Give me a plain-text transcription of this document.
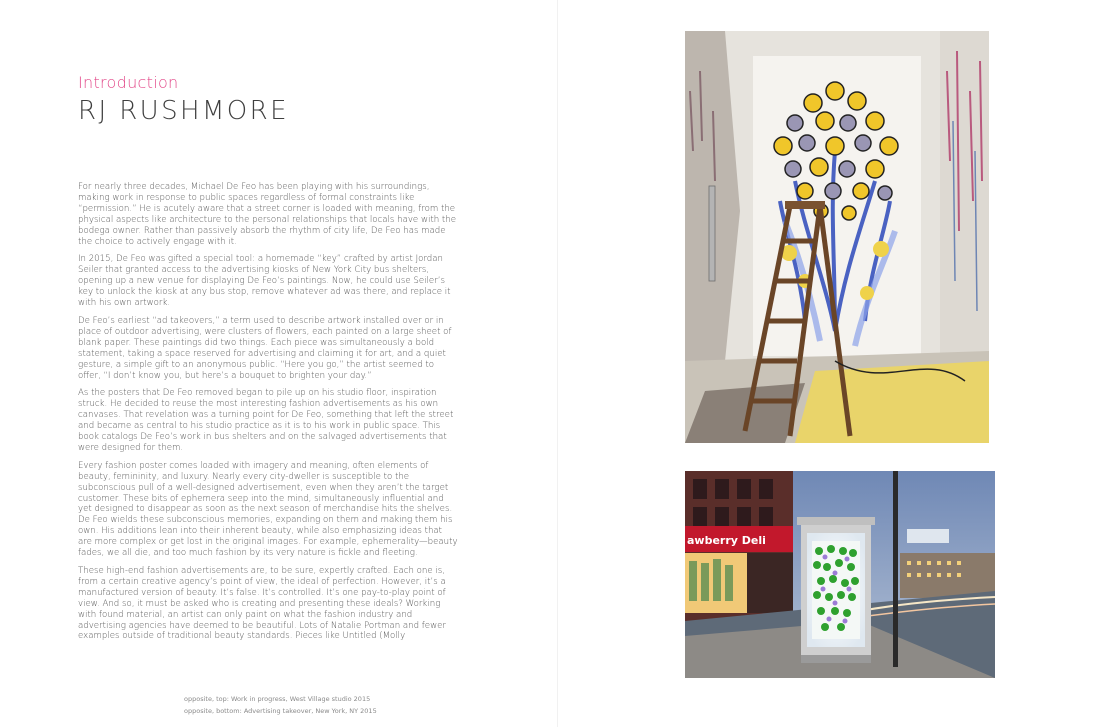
Introduction
RJ RUSHMORE

For nearly three decades, Michael De Feo has been playing with his surroundings, making work in response to public spaces regardless of formal constraints like “permission.” He is acutely aware that a street corner is loaded with meaning, from the physical aspects like architecture to the personal relationships that locals have with the bodega owner. Rather than passively absorb the rhythm of city life, De Feo has made the choice to actively engage with it.

In 2015, De Feo was gifted a special tool: a homemade “key” crafted by artist Jordan Seiler that granted access to the advertising kiosks of New York City bus shelters, opening up a new venue for displaying De Feo’s paintings. Now, he could use Seiler’s key to unlock the kiosk at any bus stop, remove whatever ad was there, and replace it with his own artwork.

De Feo’s earliest “ad takeovers,” a term used to describe artwork installed over or in place of outdoor advertising, were clusters of flowers, each painted on a large sheet of blank paper. These paintings did two things. Each piece was simultaneously a bold statement, taking a space reserved for advertising and claiming it for art, and a quiet gesture, a simple gift to an anonymous public. “Here you go,” the artist seemed to offer, “I don’t know you, but here’s a bouquet to brighten your day.”

As the posters that De Feo removed began to pile up on his studio floor, inspiration struck. He decided to reuse the most interesting fashion advertisements as his own canvases. That revelation was a turning point for De Feo, something that left the street and became as central to his studio practice as it is to his work in public space. This book catalogs De Feo’s work in bus shelters and on the salvaged advertisements that were designed for them.

Every fashion poster comes loaded with imagery and meaning, often elements of beauty, femininity, and luxury. Nearly every city-dweller is susceptible to the subconscious pull of a well-designed advertisement, even when they aren’t the target customer. These bits of ephemera seep into the mind, simultaneously influential and yet designed to disappear as soon as the next season of merchandise hits the shelves. De Feo wields these subconscious memories, expanding on them and making them his own. His additions lean into their inherent beauty, while also emphasizing ideas that are more complex or get lost in the original images. For example, ephemerality—beauty fades, we all die, and too much fashion by its very nature is fickle and fleeting.

These high-end fashion advertisements are, to be sure, expertly crafted. Each one is, from a certain creative agency’s point of view, the ideal of perfection. However, it’s a manufactured version of beauty. It’s false. It’s controlled. It’s one pay-to-play point of view. And so, it must be asked who is creating and presenting these ideals? Working with found material, an artist can only paint on what the fashion industry and advertising agencies have deemed to be beautiful. Lots of Natalie Portman and fewer examples outside of traditional beauty standards. Pieces like Untitled (Molly

opposite, top: Work in progress, West Village studio 2015
opposite, bottom: Advertising takeover, New York, NY 2015
awberry Deli
